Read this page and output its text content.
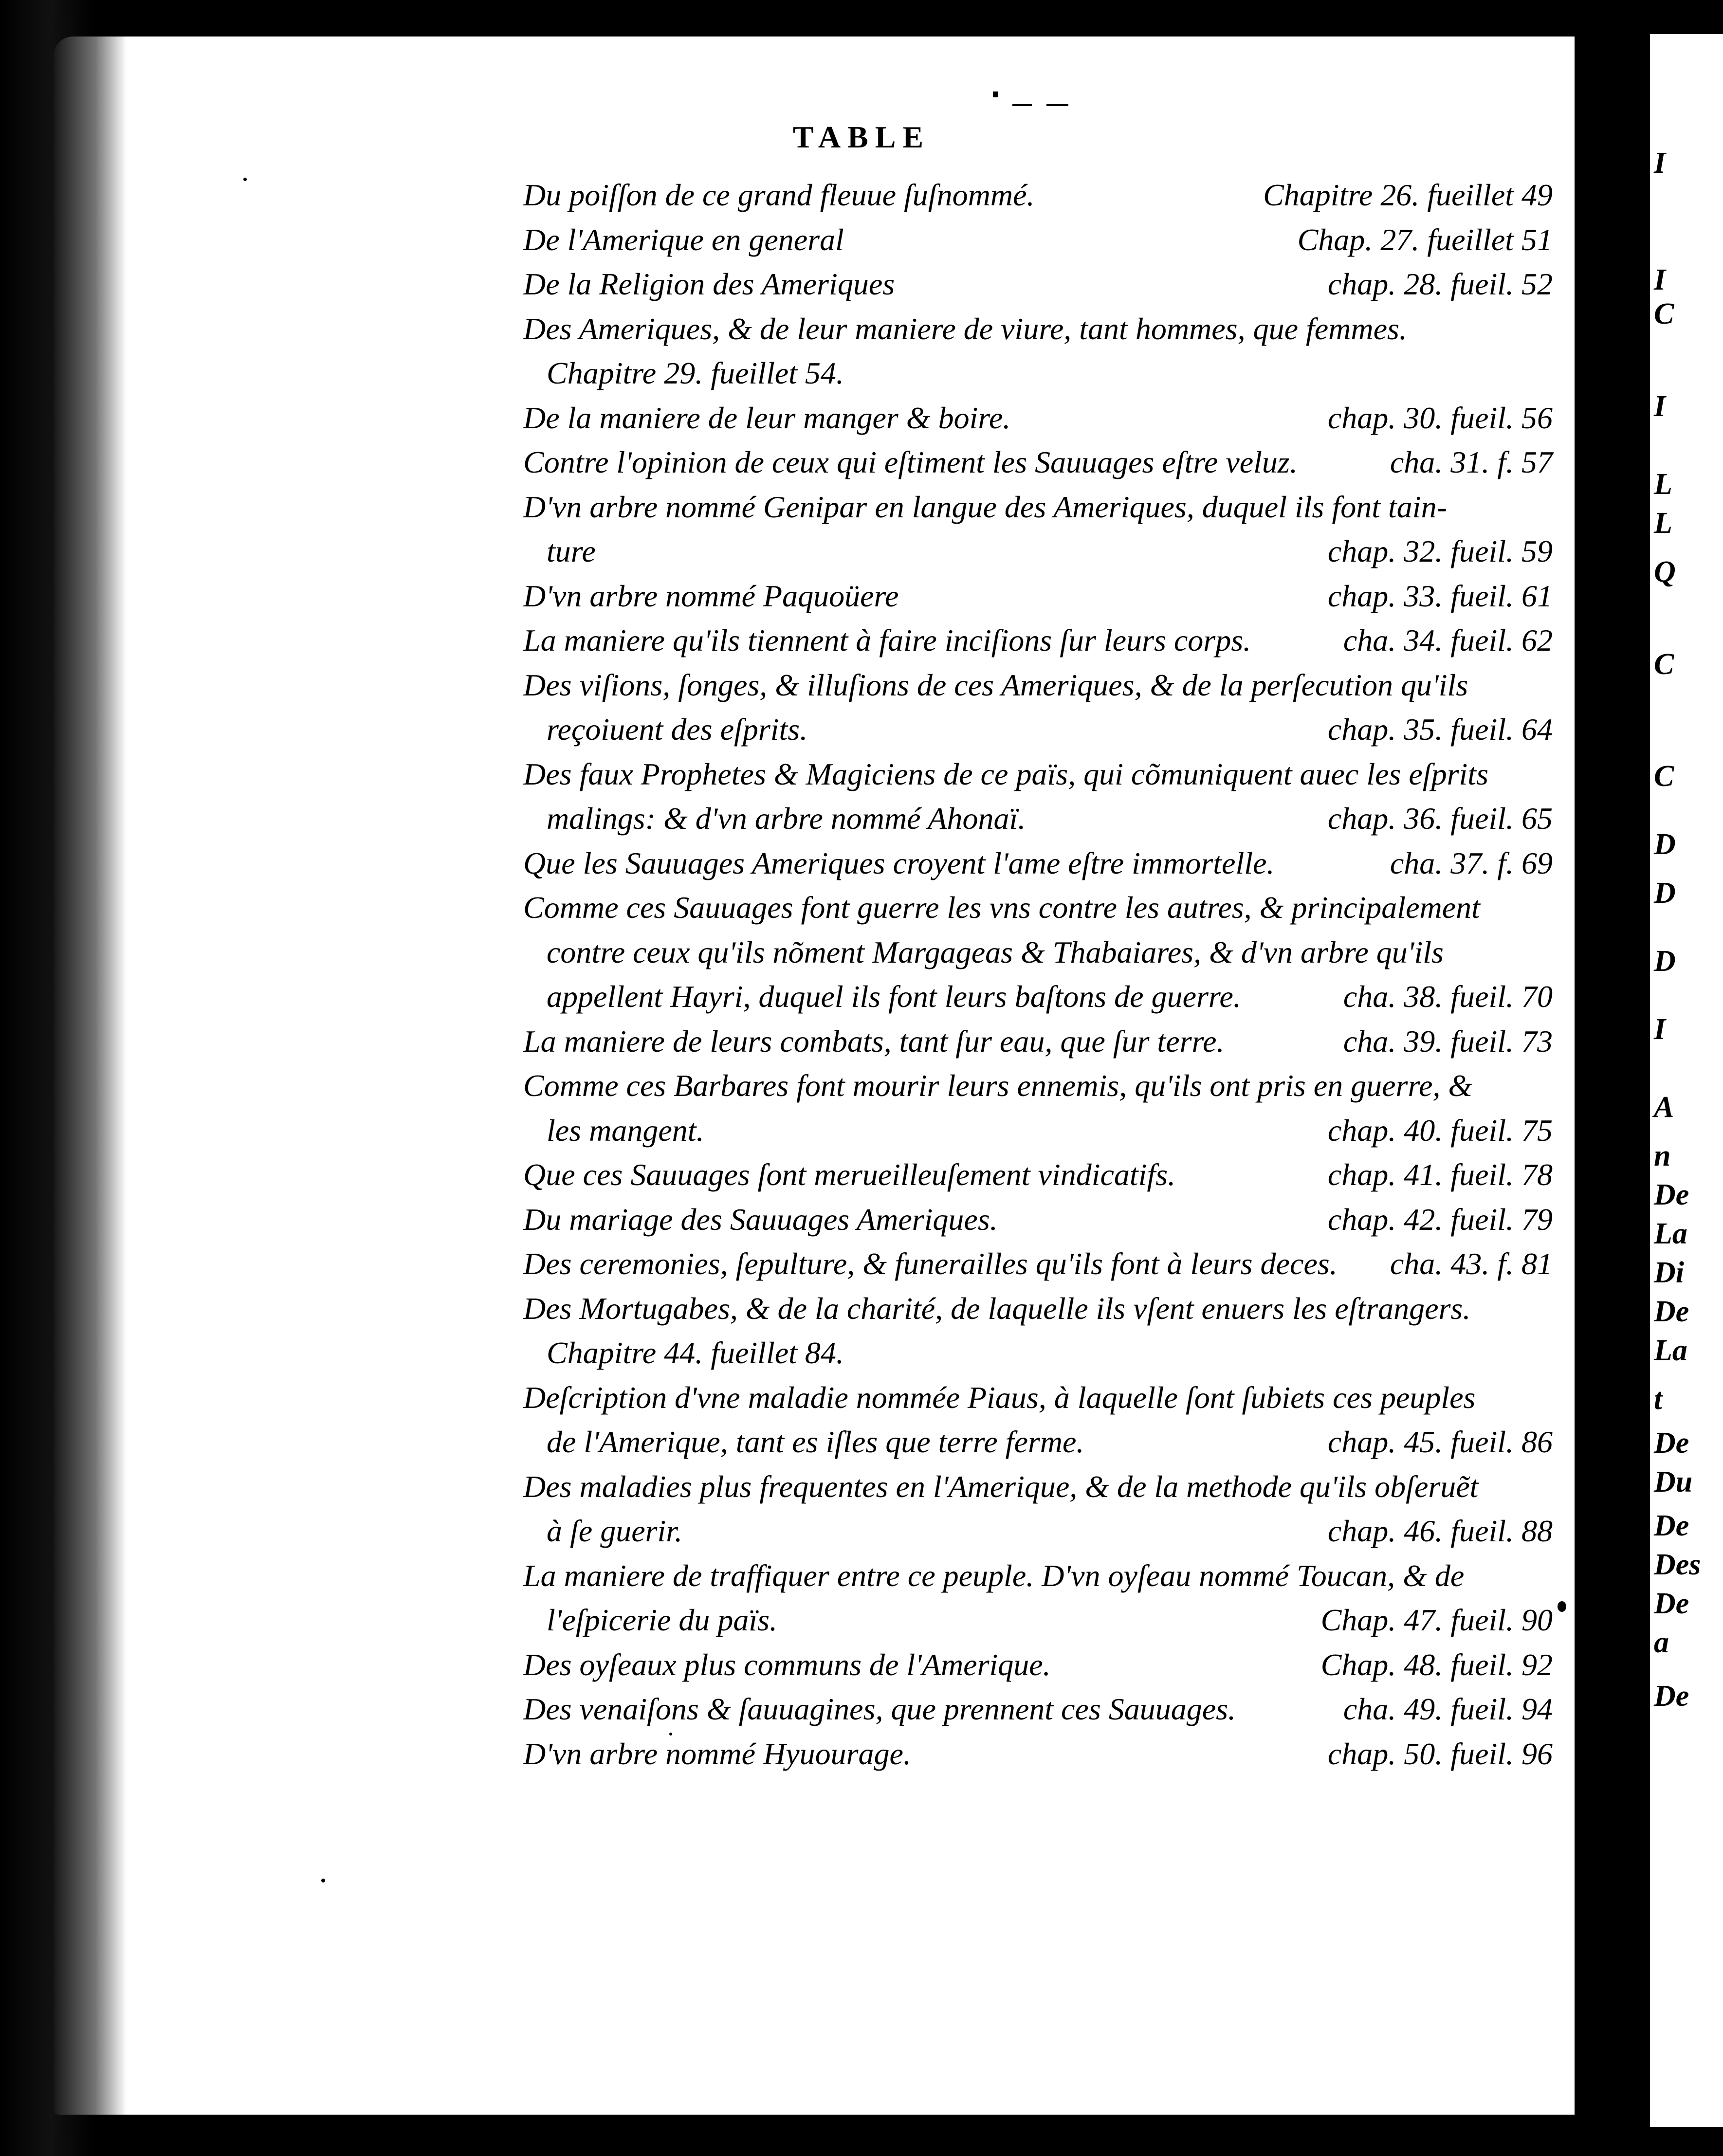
I
I
C
I
L
L
Q
C
C
D
D
D
I
A
n
De
La
Di
De
La
t
De
Du
De
Des
De
a
De
TABLE
Du poiſſon de ce grand fleuue ſuſnommé.	Chapitre 26. fueillet 49
De l'Amerique en general	Chap. 27. fueillet 51
De la Religion des Ameriques	chap. 28. fueil. 52
Des Ameriques, & de leur maniere de viure, tant hommes, que femmes.
Chapitre 29. fueillet 54.
De la maniere de leur manger & boire.	chap. 30. fueil. 56
Contre l'opinion de ceux qui eſtiment les Sauuages eſtre veluz.	cha. 31. f. 57
D'vn arbre nommé Genipar en langue des Ameriques, duquel ils font tain-
ture	chap. 32. fueil. 59
D'vn arbre nommé Paquoüere	chap. 33. fueil. 61
La maniere qu'ils tiennent à faire inciſions ſur leurs corps.	cha. 34. fueil. 62
Des viſions, ſonges, & illuſions de ces Ameriques, & de la perſecution qu'ils
reçoiuent des eſprits.	chap. 35. fueil. 64
Des faux Prophetes & Magiciens de ce païs, qui cõmuniquent auec les eſprits
malings: & d'vn arbre nommé Ahonaï.	chap. 36. fueil. 65
Que les Sauuages Ameriques croyent l'ame eſtre immortelle.	cha. 37. f. 69
Comme ces Sauuages font guerre les vns contre les autres, & principalement
contre ceux qu'ils nõment Margageas & Thabaiares, & d'vn arbre qu'ils
appellent Hayri, duquel ils font leurs baſtons de guerre.	cha. 38. fueil. 70
La maniere de leurs combats, tant ſur eau, que ſur terre.	cha. 39. fueil. 73
Comme ces Barbares font mourir leurs ennemis, qu'ils ont pris en guerre, &
les mangent.	chap. 40. fueil. 75
Que ces Sauuages ſont merueilleuſement vindicatifs.	chap. 41. fueil. 78
Du mariage des Sauuages Ameriques.	chap. 42. fueil. 79
Des ceremonies, ſepulture, & funerailles qu'ils font à leurs deces. cha. 43. f. 81
Des Mortugabes, & de la charité, de laquelle ils vſent enuers les eſtrangers.
Chapitre 44. fueillet 84.
Deſcription d'vne maladie nommée Piaus, à laquelle ſont ſubiets ces peuples
de l'Amerique, tant es iſles que terre ferme.	chap. 45. fueil. 86
Des maladies plus frequentes en l'Amerique, & de la methode qu'ils obſeruẽt
à ſe guerir.	chap. 46. fueil. 88
La maniere de traffiquer entre ce peuple. D'vn oyſeau nommé Toucan, & de
l'eſpicerie du païs.	Chap. 47. fueil. 90
Des oyſeaux plus communs de l'Amerique.	Chap. 48. fueil. 92
Des venaiſons & ſauuagines, que prennent ces Sauuages.	cha. 49. fueil. 94
D'vn arbre nommé Hyuourage.	chap. 50. fueil. 96
